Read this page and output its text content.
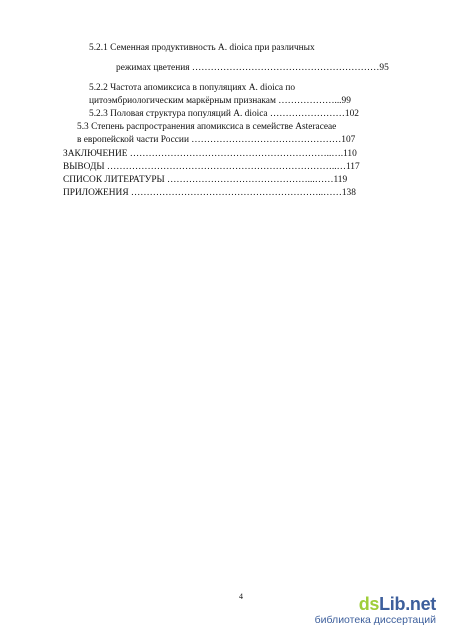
5.2.1 Семенная продуктивность A. dioica при различных
режимах цветения ……………………………………………………95
5.2.2 Частота апомиксиса в популяциях A. dioica по
цитоэмбриологическим маркёрным признакам ………………...99
5.2.3 Половая структура популяций A. dioica ……………………102
5.3 Степень распространения апомиксиса в семействе Asteraceae
в европейской части России …………………………………………107
ЗАКЛЮЧЕНИЕ ………………………………………………………..….110
ВЫВОДЫ ………………………………………………………………..…117
СПИСОК ЛИТЕРАТУРЫ ………………………………………...……119
ПРИЛОЖЕНИЯ ……………………………………………………..……138
4	dsLib.net
библиотека диссертаций
